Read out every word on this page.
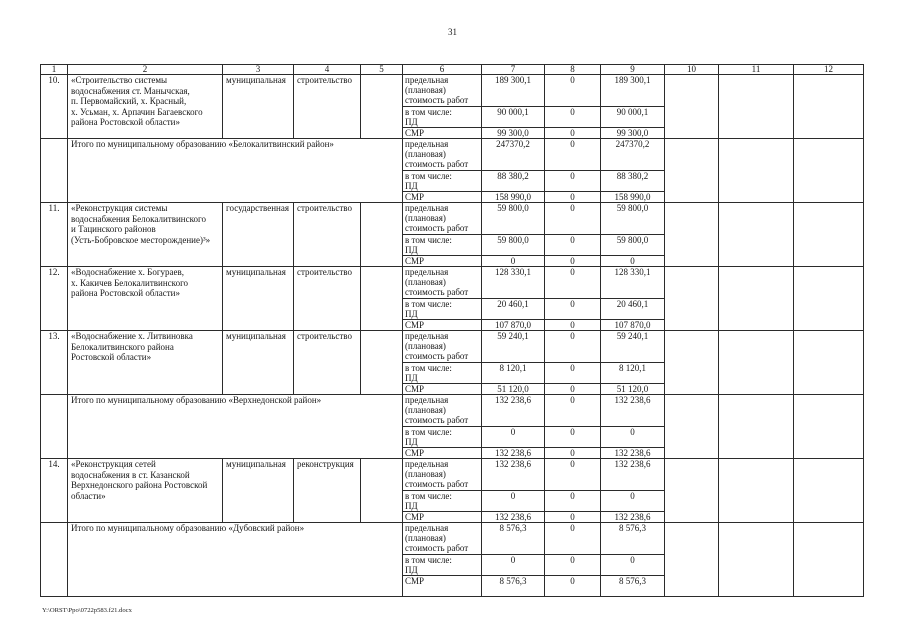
31
1	2	3	4	5	6	7	8	9	10	11	12
10.	«Строительство системы
водоснабжения ст. Манычская,
п. Первомайский, х. Красный,
х. Усьман, х. Арпачин Багаевского
района Ростовской области»	муниципальная	строительство		предельная
(плановая)
стоимость работ	189 300,1	0	189 300,1			
					в том числе:
ПД	90 000,1	0	90 000,1			
					СМР	99 300,0	0	99 300,0			
	Итого по муниципальному образованию «Белокалитвинский район»				предельная
(плановая)
стоимость работ	247370,2	0	247370,2			
					в том числе:
ПД	88 380,2	0	88 380,2			
					СМР	158 990,0	0	158 990,0			
11.	«Реконструкция системы
водоснабжения Белокалитвинского
и Тацинского районов
(Усть-Бобровское месторождение)³»	государственная	строительство		предельная
(плановая)
стоимость работ	59 800,0	0	59 800,0			
					в том числе:
ПД	59 800,0	0	59 800,0			
					СМР	0	0	0			
12.	«Водоснабжение х. Богураев,
х. Какичев Белокалитвинского
района Ростовской области»	муниципальная	строительство		предельная
(плановая)
стоимость работ	128 330,1	0	128 330,1			
					в том числе:
ПД	20 460,1	0	20 460,1			
					СМР	107 870,0	0	107 870,0			
13.	«Водоснабжение х. Литвиновка
Белокалитвинского района
Ростовской области»	муниципальная	строительство		предельная
(плановая)
стоимость работ	59 240,1	0	59 240,1			
					в том числе:
ПД	8 120,1	0	8 120,1			
					СМР	51 120,0	0	51 120,0			
	Итого по муниципальному образованию «Верхнедонской район»				предельная
(плановая)
стоимость работ	132 238,6	0	132 238,6			
					в том числе:
ПД	0	0	0			
					СМР	132 238,6	0	132 238,6			
14.	«Реконструкция сетей
водоснабжения в ст. Казанской
Верхнедонского района Ростовской
области»	муниципальная	реконструкция		предельная
(плановая)
стоимость работ	132 238,6	0	132 238,6			
					в том числе:
ПД	0	0	0			
					СМР	132 238,6	0	132 238,6			
	Итого по муниципальному образованию «Дубовский район»				предельная
(плановая)
стоимость работ	8 576,3	0	8 576,3			
					в том числе:
ПД	0	0	0			
					СМР	8 576,3	0	8 576,3			
Y:\ORST\Ppo\0722p583.f21.docx
